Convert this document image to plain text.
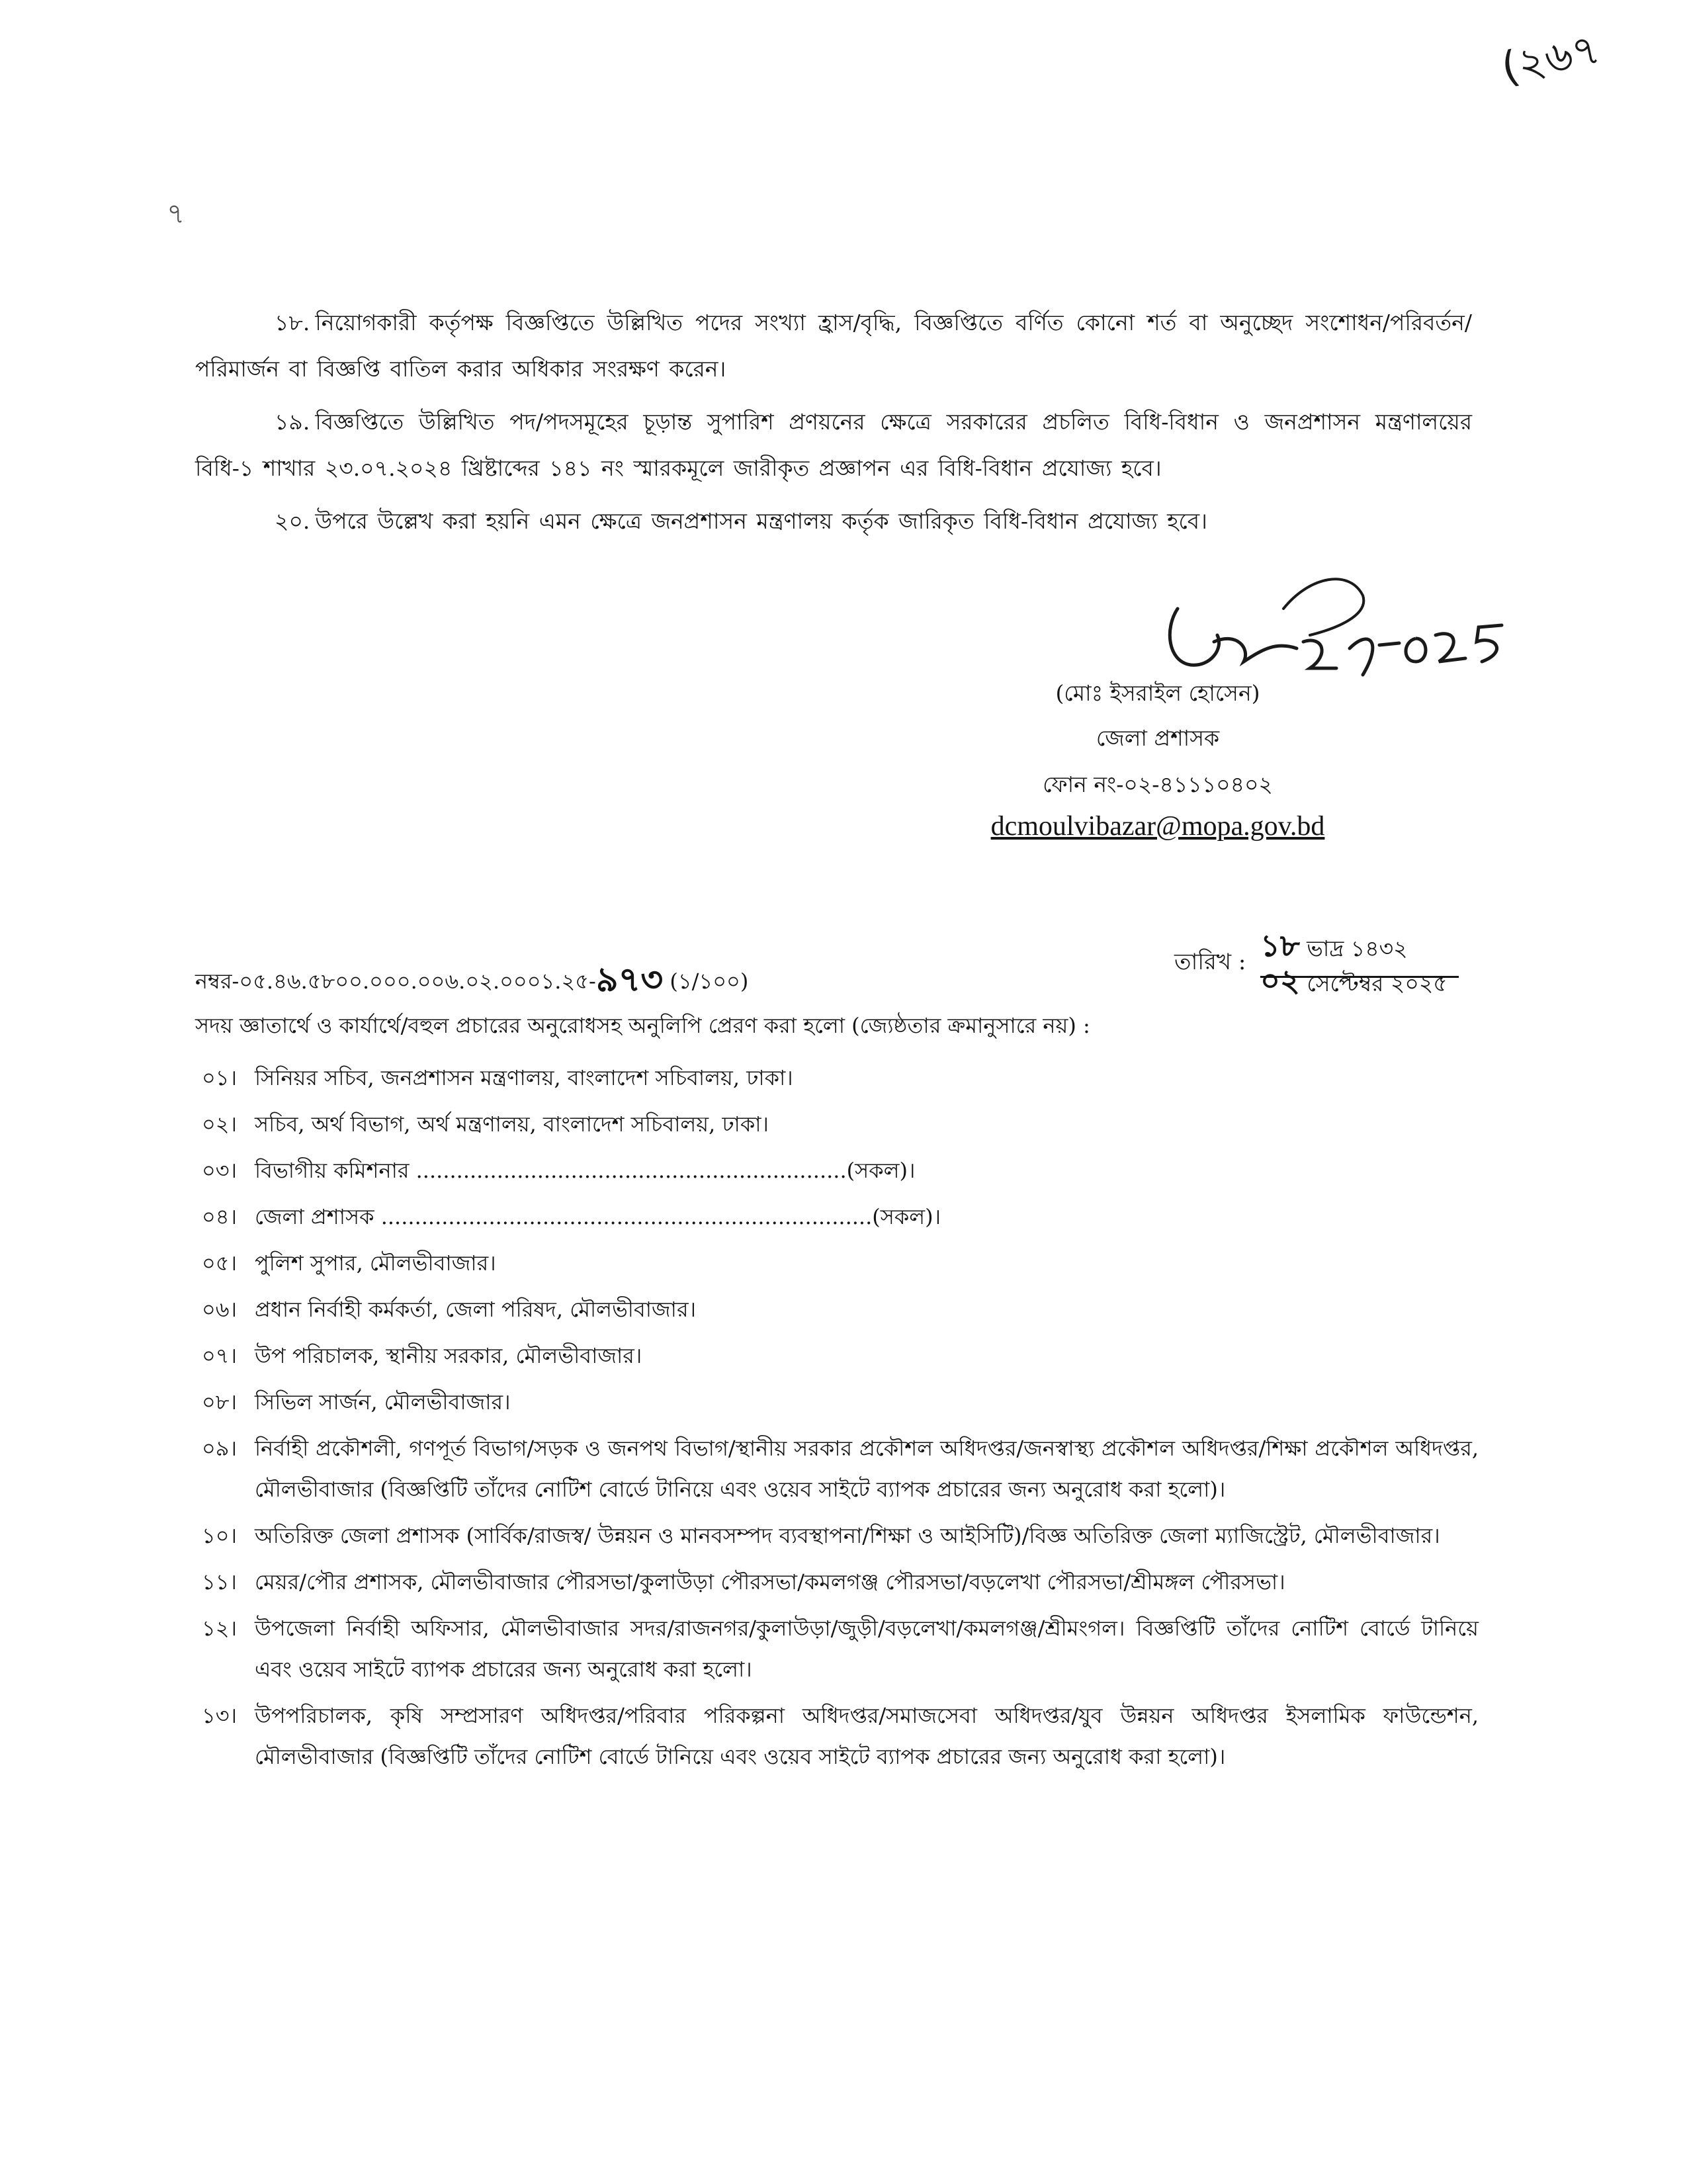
(২৬৭
৭

১৮. নিয়োগকারী কর্তৃপক্ষ বিজ্ঞপ্তিতে উল্লিখিত পদের সংখ্যা হ্রাস/বৃদ্ধি, বিজ্ঞপ্তিতে বর্ণিত কোনো শর্ত বা অনুচ্ছেদ সংশোধন/পরিবর্তন/ পরিমার্জন বা বিজ্ঞপ্তি বাতিল করার অধিকার সংরক্ষণ করেন।

১৯. বিজ্ঞপ্তিতে উল্লিখিত পদ/পদসমূহের চূড়ান্ত সুপারিশ প্রণয়নের ক্ষেত্রে সরকারের প্রচলিত বিধি-বিধান ও জনপ্রশাসন মন্ত্রণালয়ের বিধি-১ শাখার ২৩.০৭.২০২৪ খ্রিষ্টাব্দের ১৪১ নং স্মারকমূলে জারীকৃত প্রজ্ঞাপন এর বিধি-বিধান প্রযোজ্য হবে।

২০. উপরে উল্লেখ করা হয়নি এমন ক্ষেত্রে জনপ্রশাসন মন্ত্রণালয় কর্তৃক জারিকৃত বিধি-বিধান প্রযোজ্য হবে।

(মোঃ ইসরাইল হোসেন)
জেলা প্রশাসক
ফোন নং-০২-৪১১১০৪০২
dcmoulvibazar@mopa.gov.bd
নম্বর-০৫.৪৬.৫৮০০.০০০.০০৬.০২.০০০১.২৫-৯৭৩ (১/১০০)
তারিখ : ১৮ ভাদ্র ১৪৩২
০২ সেপ্টেম্বর ২০২৫
সদয় জ্ঞাতার্থে ও কার্যার্থে/বহুল প্রচারের অনুরোধসহ অনুলিপি প্রেরণ করা হলো (জ্যেষ্ঠতার ক্রমানুসারে নয়) :
০১। সিনিয়র সচিব, জনপ্রশাসন মন্ত্রণালয়, বাংলাদেশ সচিবালয়, ঢাকা।
০২। সচিব, অর্থ বিভাগ, অর্থ মন্ত্রণালয়, বাংলাদেশ সচিবালয়, ঢাকা।
০৩। বিভাগীয় কমিশনার ................................................................(সকল)।
০৪। জেলা প্রশাসক .........................................................................(সকল)।
০৫। পুলিশ সুপার, মৌলভীবাজার।
০৬। প্রধান নির্বাহী কর্মকর্তা, জেলা পরিষদ, মৌলভীবাজার।
০৭। উপ পরিচালক, স্থানীয় সরকার, মৌলভীবাজার।
০৮। সিভিল সার্জন, মৌলভীবাজার।
০৯। নির্বাহী প্রকৌশলী, গণপূর্ত বিভাগ/সড়ক ও জনপথ বিভাগ/স্থানীয় সরকার প্রকৌশল অধিদপ্তর/জনস্বাস্থ্য প্রকৌশল অধিদপ্তর/শিক্ষা প্রকৌশল অধিদপ্তর, মৌলভীবাজার (বিজ্ঞপ্তিটি তাঁদের নোটিশ বোর্ডে টানিয়ে এবং ওয়েব সাইটে ব্যাপক প্রচারের জন্য অনুরোধ করা হলো)।
১০। অতিরিক্ত জেলা প্রশাসক (সার্বিক/রাজস্ব/ উন্নয়ন ও মানবসম্পদ ব্যবস্থাপনা/শিক্ষা ও আইসিটি)/বিজ্ঞ অতিরিক্ত জেলা ম্যাজিস্ট্রেট, মৌলভীবাজার।
১১। মেয়র/পৌর প্রশাসক, মৌলভীবাজার পৌরসভা/কুলাউড়া পৌরসভা/কমলগঞ্জ পৌরসভা/বড়লেখা পৌরসভা/শ্রীমঙ্গল পৌরসভা।
১২। উপজেলা নির্বাহী অফিসার, মৌলভীবাজার সদর/রাজনগর/কুলাউড়া/জুড়ী/বড়লেখা/কমলগঞ্জ/শ্রীমংগল। বিজ্ঞপ্তিটি তাঁদের নোটিশ বোর্ডে টানিয়ে এবং ওয়েব সাইটে ব্যাপক প্রচারের জন্য অনুরোধ করা হলো।
১৩। উপপরিচালক, কৃষি সম্প্রসারণ অধিদপ্তর/পরিবার পরিকল্পনা অধিদপ্তর/সমাজসেবা অধিদপ্তর/যুব উন্নয়ন অধিদপ্তর ইসলামিক ফাউন্ডেশন, মৌলভীবাজার (বিজ্ঞপ্তিটি তাঁদের নোটিশ বোর্ডে টানিয়ে এবং ওয়েব সাইটে ব্যাপক প্রচারের জন্য অনুরোধ করা হলো)।
